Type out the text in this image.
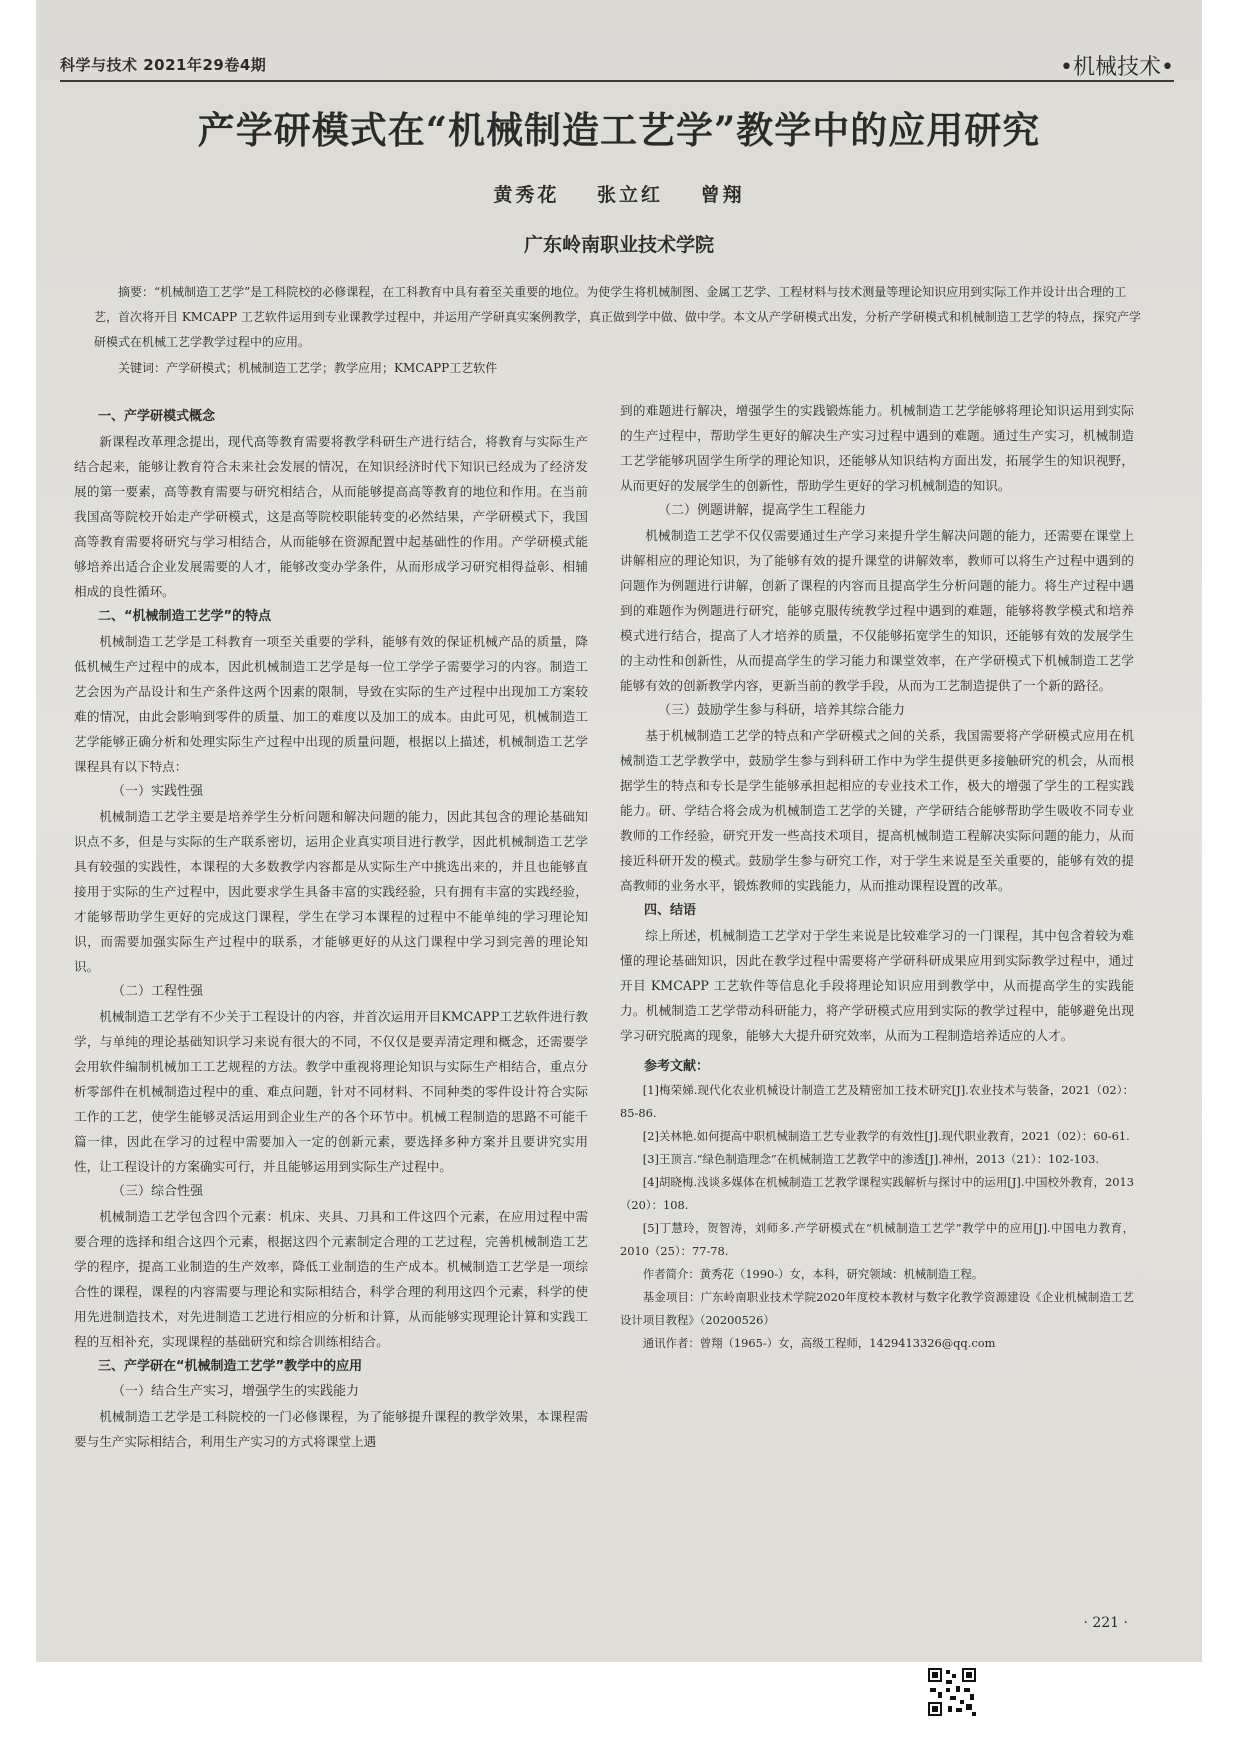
科学与技术 2021年29卷4期	•机械技术•
产学研模式在“机械制造工艺学”教学中的应用研究
黄秀花 张立红 曾翔
广东岭南职业技术学院

摘要：“机械制造工艺学”是工科院校的必修课程，在工科教育中具有着至关重要的地位。为使学生将机械制图、金属工艺学、工程材料与技术测量等理论知识应用到实际工作并设计出合理的工艺，首次将开目 KMCAPP 工艺软件运用到专业课教学过程中，并运用产学研真实案例教学，真正做到学中做、做中学。本文从产学研模式出发，分析产学研模式和机械制造工艺学的特点，探究产学研模式在机械工艺学教学过程中的应用。

关键词：产学研模式；机械制造工艺学；教学应用；KMCAPP工艺软件

一、产学研模式概念

新课程改革理念提出，现代高等教育需要将教学科研生产进行结合，将教育与实际生产结合起来，能够让教育符合未来社会发展的情况，在知识经济时代下知识已经成为了经济发展的第一要素，高等教育需要与研究相结合，从而能够提高高等教育的地位和作用。在当前我国高等院校开始走产学研模式，这是高等院校职能转变的必然结果，产学研模式下，我国高等教育需要将研究与学习相结合，从而能够在资源配置中起基础性的作用。产学研模式能够培养出适合企业发展需要的人才，能够改变办学条件，从而形成学习研究相得益彰、相辅相成的良性循环。

二、“机械制造工艺学”的特点

机械制造工艺学是工科教育一项至关重要的学科，能够有效的保证机械产品的质量，降低机械生产过程中的成本，因此机械制造工艺学是每一位工学学子需要学习的内容。制造工艺会因为产品设计和生产条件这两个因素的限制，导致在实际的生产过程中出现加工方案较难的情况，由此会影响到零件的质量、加工的难度以及加工的成本。由此可见，机械制造工艺学能够正确分析和处理实际生产过程中出现的质量问题，根据以上描述，机械制造工艺学课程具有以下特点：

（一）实践性强

机械制造工艺学主要是培养学生分析问题和解决问题的能力，因此其包含的理论基础知识点不多，但是与实际的生产联系密切，运用企业真实项目进行教学，因此机械制造工艺学具有较强的实践性，本课程的大多数教学内容都是从实际生产中挑选出来的，并且也能够直接用于实际的生产过程中，因此要求学生具备丰富的实践经验，只有拥有丰富的实践经验，才能够帮助学生更好的完成这门课程，学生在学习本课程的过程中不能单纯的学习理论知识，而需要加强实际生产过程中的联系，才能够更好的从这门课程中学习到完善的理论知识。

（二）工程性强

机械制造工艺学有不少关于工程设计的内容，并首次运用开目KMCAPP工艺软件进行教学，与单纯的理论基础知识学习来说有很大的不同，不仅仅是要弄清定理和概念，还需要学会用软件编制机械加工工艺规程的方法。教学中重视将理论知识与实际生产相结合，重点分析零部件在机械制造过程中的重、难点问题，针对不同材料、不同种类的零件设计符合实际工作的工艺，使学生能够灵活运用到企业生产的各个环节中。机械工程制造的思路不可能千篇一律，因此在学习的过程中需要加入一定的创新元素，要选择多种方案并且要讲究实用性，让工程设计的方案确实可行，并且能够运用到实际生产过程中。

（三）综合性强

机械制造工艺学包含四个元素：机床、夹具、刀具和工件这四个元素，在应用过程中需要合理的选择和组合这四个元素，根据这四个元素制定合理的工艺过程，完善机械制造工艺学的程序，提高工业制造的生产效率，降低工业制造的生产成本。机械制造工艺学是一项综合性的课程，课程的内容需要与理论和实际相结合，科学合理的利用这四个元素，科学的使用先进制造技术，对先进制造工艺进行相应的分析和计算，从而能够实现理论计算和实践工程的互相补充，实现课程的基础研究和综合训练相结合。

三、产学研在“机械制造工艺学”教学中的应用
（一）结合生产实习，增强学生的实践能力

机械制造工艺学是工科院校的一门必修课程，为了能够提升课程的教学效果，本课程需要与生产实际相结合，利用生产实习的方式将课堂上遇

到的难题进行解决，增强学生的实践锻炼能力。机械制造工艺学能够将理论知识运用到实际的生产过程中，帮助学生更好的解决生产实习过程中遇到的难题。通过生产实习，机械制造工艺学能够巩固学生所学的理论知识，还能够从知识结构方面出发，拓展学生的知识视野，从而更好的发展学生的创新性，帮助学生更好的学习机械制造的知识。

（二）例题讲解，提高学生工程能力

机械制造工艺学不仅仅需要通过生产学习来提升学生解决问题的能力，还需要在课堂上讲解相应的理论知识，为了能够有效的提升课堂的讲解效率，教师可以将生产过程中遇到的问题作为例题进行讲解，创新了课程的内容而且提高学生分析问题的能力。将生产过程中遇到的难题作为例题进行研究，能够克服传统教学过程中遇到的难题，能够将教学模式和培养模式进行结合，提高了人才培养的质量，不仅能够拓宽学生的知识，还能够有效的发展学生的主动性和创新性，从而提高学生的学习能力和课堂效率，在产学研模式下机械制造工艺学能够有效的创新教学内容，更新当前的教学手段，从而为工艺制造提供了一个新的路径。

（三）鼓励学生参与科研，培养其综合能力

基于机械制造工艺学的特点和产学研模式之间的关系，我国需要将产学研模式应用在机械制造工艺学教学中，鼓励学生参与到科研工作中为学生提供更多接触研究的机会，从而根据学生的特点和专长是学生能够承担起相应的专业技术工作，极大的增强了学生的工程实践能力。研、学结合将会成为机械制造工艺学的关键，产学研结合能够帮助学生吸收不同专业教师的工作经验，研究开发一些高技术项目，提高机械制造工程解决实际问题的能力，从而接近科研开发的模式。鼓励学生参与研究工作，对于学生来说是至关重要的，能够有效的提高教师的业务水平，锻炼教师的实践能力，从而推动课程设置的改革。

四、结语

综上所述，机械制造工艺学对于学生来说是比较难学习的一门课程，其中包含着较为难懂的理论基础知识，因此在教学过程中需要将产学研科研成果应用到实际教学过程中，通过开目 KMCAPP 工艺软件等信息化手段将理论知识应用到教学中，从而提高学生的实践能力。机械制造工艺学带动科研能力，将产学研模式应用到实际的教学过程中，能够避免出现学习研究脱离的现象，能够大大提升研究效率，从而为工程制造培养适应的人才。

参考文献：

[1]梅荣娣.现代化农业机械设计制造工艺及精密加工技术研究[J].农业技术与装备，2021（02）：85-86.

[2]关林艳.如何提高中职机械制造工艺专业教学的有效性[J].现代职业教育，2021（02）：60-61.

[3]王顶言.“绿色制造理念”在机械制造工艺教学中的渗透[J].神州，2013（21）：102-103.

[4]胡晓梅.浅谈多媒体在机械制造工艺教学课程实践解析与探讨中的运用[J].中国校外教育，2013（20）：108.

[5]丁慧玲，贺智涛，刘师多.产学研模式在“机械制造工艺学”教学中的应用[J].中国电力教育，2010（25）：77-78.

作者简介：黄秀花（1990-）女，本科，研究领域：机械制造工程。

基金项目：广东岭南职业技术学院2020年度校本教材与数字化教学资源建设《企业机械制造工艺设计项目教程》（20200526）

通讯作者：曾翔（1965-）女，高级工程师，1429413326@qq.com

· 221 ·
